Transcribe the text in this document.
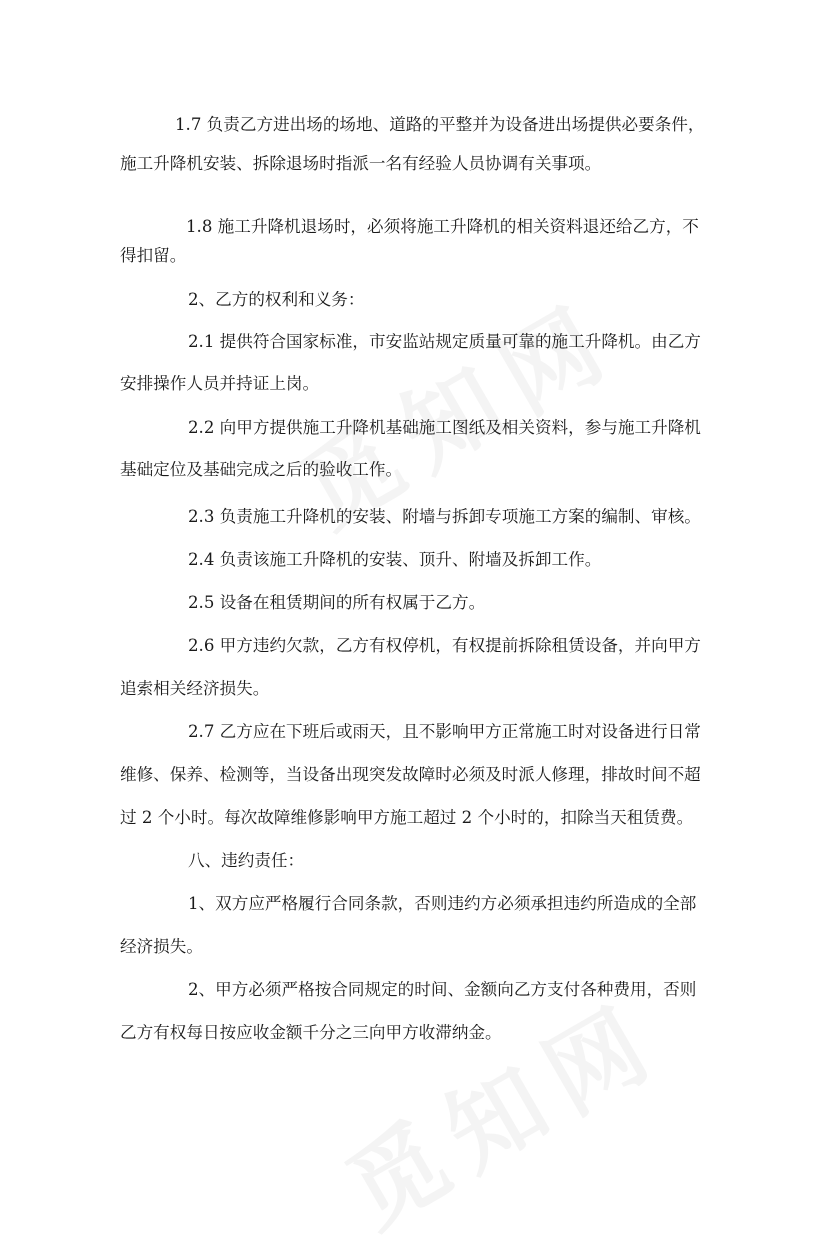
1.7 负责乙方进出场的场地、道路的平整并为设备进出场提供必要条件，
施工升降机安装、拆除退场时指派一名有经验人员协调有关事项。
1.8 施工升降机退场时，必须将施工升降机的相关资料退还给乙方，不
得扣留。
2、乙方的权利和义务：
2.1 提供符合国家标准，市安监站规定质量可靠的施工升降机。由乙方
安排操作人员并持证上岗。
2.2 向甲方提供施工升降机基础施工图纸及相关资料，参与施工升降机
基础定位及基础完成之后的验收工作。
2.3 负责施工升降机的安装、附墙与拆卸专项施工方案的编制、审核。
2.4 负责该施工升降机的安装、顶升、附墙及拆卸工作。
2.5 设备在租赁期间的所有权属于乙方。
2.6 甲方违约欠款，乙方有权停机，有权提前拆除租赁设备，并向甲方
追索相关经济损失。
2.7 乙方应在下班后或雨天，且不影响甲方正常施工时对设备进行日常
维修、保养、检测等，当设备出现突发故障时必须及时派人修理，排故时间不超
过 2 个小时。每次故障维修影响甲方施工超过 2 个小时的，扣除当天租赁费。
八、违约责任：
1、双方应严格履行合同条款，否则违约方必须承担违约所造成的全部
经济损失。
2、甲方必须严格按合同规定的时间、金额向乙方支付各种费用，否则
乙方有权每日按应收金额千分之三向甲方收滞纳金。
